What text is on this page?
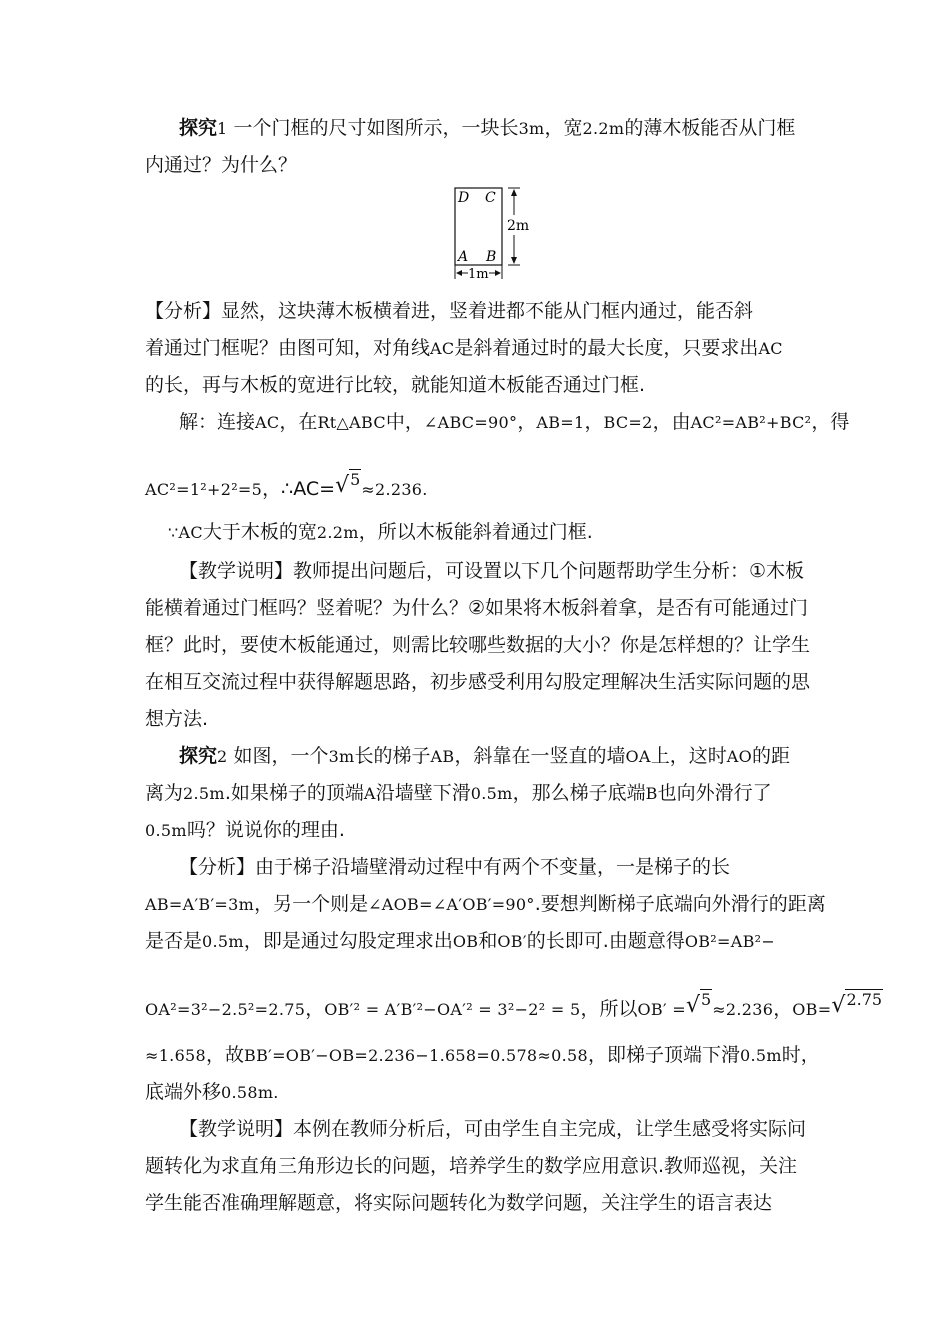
探究1 一个门框的尺寸如图所示，一块长3m，宽2.2m的薄木板能否从门框
内通过？为什么？

D C
A B
2m
1m

【分析】显然，这块薄木板横着进，竖着进都不能从门框内通过，能否斜
着通过门框呢？由图可知，对角线AC是斜着通过时的最大长度，只要求出AC
的长，再与木板的宽进行比较，就能知道木板能否通过门框.

解：连接AC，在Rt△ABC中，∠ABC=90°，AB=1，BC=2，由AC²=AB²+BC²，得
AC²=1²+2²=5，∴AC=√5≈2.236.
∵AC大于木板的宽2.2m，所以木板能斜着通过门框.

【教学说明】教师提出问题后，可设置以下几个问题帮助学生分析：①木板能横着通过门框吗？竖着呢？为什么？②如果将木板斜着拿，是否有可能通过门框？此时，要使木板能通过，则需比较哪些数据的大小？你是怎样想的？让学生在相互交流过程中获得解题思路，初步感受利用勾股定理解决生活实际问题的思想方法.

探究2 如图，一个3m长的梯子AB，斜靠在一竖直的墙OA上，这时AO的距
离为2.5m.如果梯子的顶端A沿墙壁下滑0.5m，那么梯子底端B也向外滑行了
0.5m吗？说说你的理由.

【分析】由于梯子沿墙壁滑动过程中有两个不变量，一是梯子的长
AB=A′B′=3m，另一个则是∠AOB=∠A′OB′=90°.要想判断梯子底端向外滑行的距离
是否是0.5m，即是通过勾股定理求出OB和OB′的长即可.由题意得OB²=AB²−
OA²=3²−2.5²=2.75，OB′² = A′B′²−OA′² = 3²−2² = 5，所以OB′ =√5≈2.236，OB=√2.75
≈1.658，故BB′=OB′−OB=2.236−1.658=0.578≈0.58，即梯子顶端下滑0.5m时，
底端外移0.58m.

【教学说明】本例在教师分析后，可由学生自主完成，让学生感受将实际问题转化为求直角三角形边长的问题，培养学生的数学应用意识.教师巡视，关注学生能否准确理解题意，将实际问题转化为数学问题，关注学生的语言表达
